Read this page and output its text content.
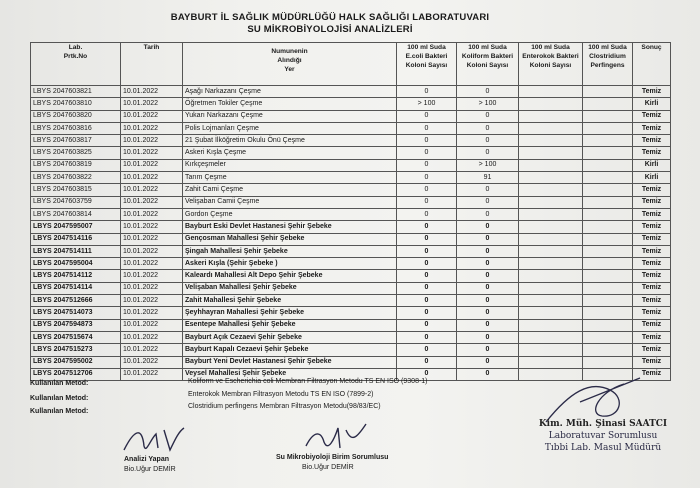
BAYBURT İL SAĞLIK MÜDÜRLÜĞÜ HALK SAĞLIĞI LABORATUVARI
SU MİKROBİYOLOJİSİ ANALİZLERİ
Lab.
Prtk.No	Tarih	Numunenin
Alındığı
Yer	100 ml Suda
E.coli Bakteri
Koloni Sayısı	100 ml Suda
Koliform Bakteri
Koloni Sayısı	100 ml Suda
Enterokok Bakteri
Koloni Sayısı	100 ml Suda
Clostridium
Perfingens	Sonuç

LBYS 2047603821	10.01.2022	Aşağı Narkazanı Çeşme	0	0			Temiz
LBYS 2047603810	10.01.2022	Öğretmen Tokiler Çeşme	> 100	> 100			Kirli
LBYS 2047603820	10.01.2022	Yukarı Narkazanı Çeşme	0	0			Temiz
LBYS 2047603816	10.01.2022	Polis Lojmanları Çeşme	0	0			Temiz
LBYS 2047603817	10.01.2022	21 Şubat İlköğretim Okulu Önü Çeşme	0	0			Temiz
LBYS 2047603825	10.01.2022	Askeri Kışla Çeşme	0	0			Temiz
LBYS 2047603819	10.01.2022	Kırkçeşmeler	0	> 100			Kirli
LBYS 2047603822	10.01.2022	Tarım Çeşme	0	91			Kirli
LBYS 2047603815	10.01.2022	Zahit Cami Çeşme	0	0			Temiz
LBYS 2047603759	10.01.2022	Velişaban Camii Çeşme	0	0			Temiz
LBYS 2047603814	10.01.2022	Gordon Çeşme	0	0			Temiz
LBYS 2047595007	10.01.2022	Bayburt Eski Devlet Hastanesi Şehir Şebeke	0	0			Temiz
LBYS 2047514116	10.01.2022	Gençosman Mahallesi Şehir Şebeke	0	0			Temiz
LBYS 2047514111	10.01.2022	Şingah Mahallesi Şehir Şebeke	0	0			Temiz
LBYS 2047595004	10.01.2022	Askeri Kışla (Şehir Şebeke )	0	0			Temiz
LBYS 2047514112	10.01.2022	Kaleardı Mahallesi Alt Depo Şehir Şebeke	0	0			Temiz
LBYS 2047514114	10.01.2022	Velişaban Mahallesi Şehir Şebeke	0	0			Temiz
LBYS 2047512666	10.01.2022	Zahit Mahallesi Şehir Şebeke	0	0			Temiz
LBYS 2047514073	10.01.2022	Şeyhhayran Mahallesi Şehir Şebeke	0	0			Temiz
LBYS 2047594873	10.01.2022	Esentepe Mahallesi Şehir Şebeke	0	0			Temiz
LBYS 2047515674	10.01.2022	Bayburt Açık Cezaevi Şehir Şebeke	0	0			Temiz
LBYS 2047515273	10.01.2022	Bayburt Kapalı Cezaevi Şehir Şebeke	0	0			Temiz
LBYS 2047595002	10.01.2022	Bayburt Yeni Devlet Hastanesi Şehir Şebeke	0	0			Temiz
LBYS 2047512706	10.01.2022	Veysel Mahallesi Şehir Şebeke	0	0			Temiz
Kullanılan Metod:
Kullanılan Metod:
Kullanılan Metod:
Koliform ve Escherichia coli Membran Filtrasyon Metodu TS EN ISO (9308-1)
Enterokok Membran Filtrasyon Metodu TS EN ISO (7899-2)
Clostridium perfingens Membran Filtrasyon Metodu(98/83/EC)
Analizi Yapan
Bio.Uğur DEMİR
Su Mikrobiyoloji Birim Sorumlusu
Bio.Uğur DEMİR
Kim. Müh. Şinasi SAATCI
Laboratuvar Sorumlusu
Tıbbi Lab. Masul Müdürü
